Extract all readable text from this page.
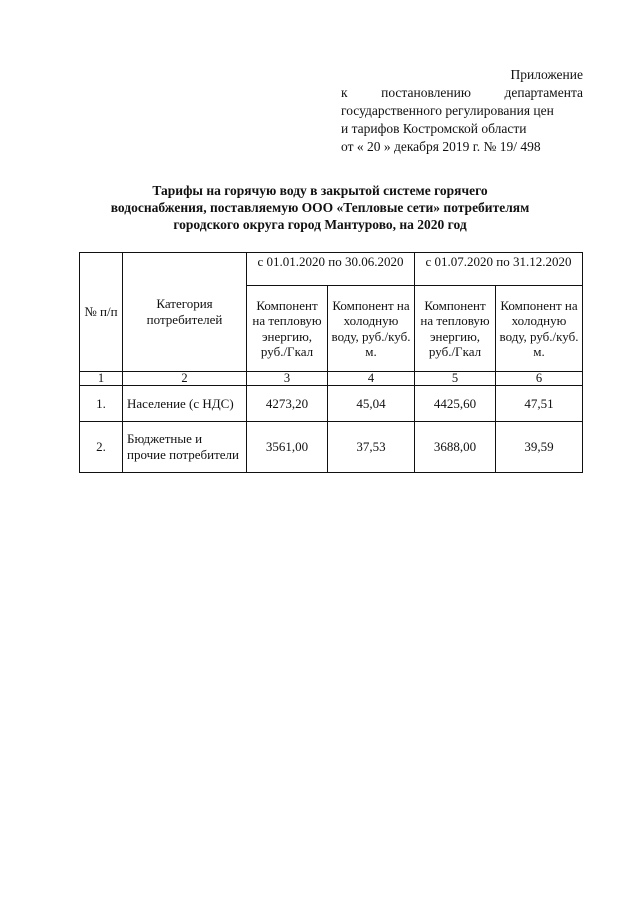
Приложение
к постановлению департамента
государственного регулирования цен
и тарифов Костромской области
от « 20 » декабря 2019 г. № 19/ 498
Тарифы на горячую воду в закрытой системе горячего
водоснабжения, поставляемую ООО «Тепловые сети» потребителям
городского округа город Мантурово, на 2020 год
№ п/п	Категория потребителей	с 01.01.2020 по 30.06.2020		с 01.07.2020 по 31.12.2020	
		Компонент на тепловую энергию, руб./Гкал	Компонент на холодную воду, руб./куб. м.	Компонент на тепловую энергию, руб./Гкал	Компонент на холодную воду, руб./куб. м.
1	2	3	4	5	6
1.	Население (с НДС)	4273,20	45,04	4425,60	47,51
2.	Бюджетные и прочие потребители	3561,00	37,53	3688,00	39,59
